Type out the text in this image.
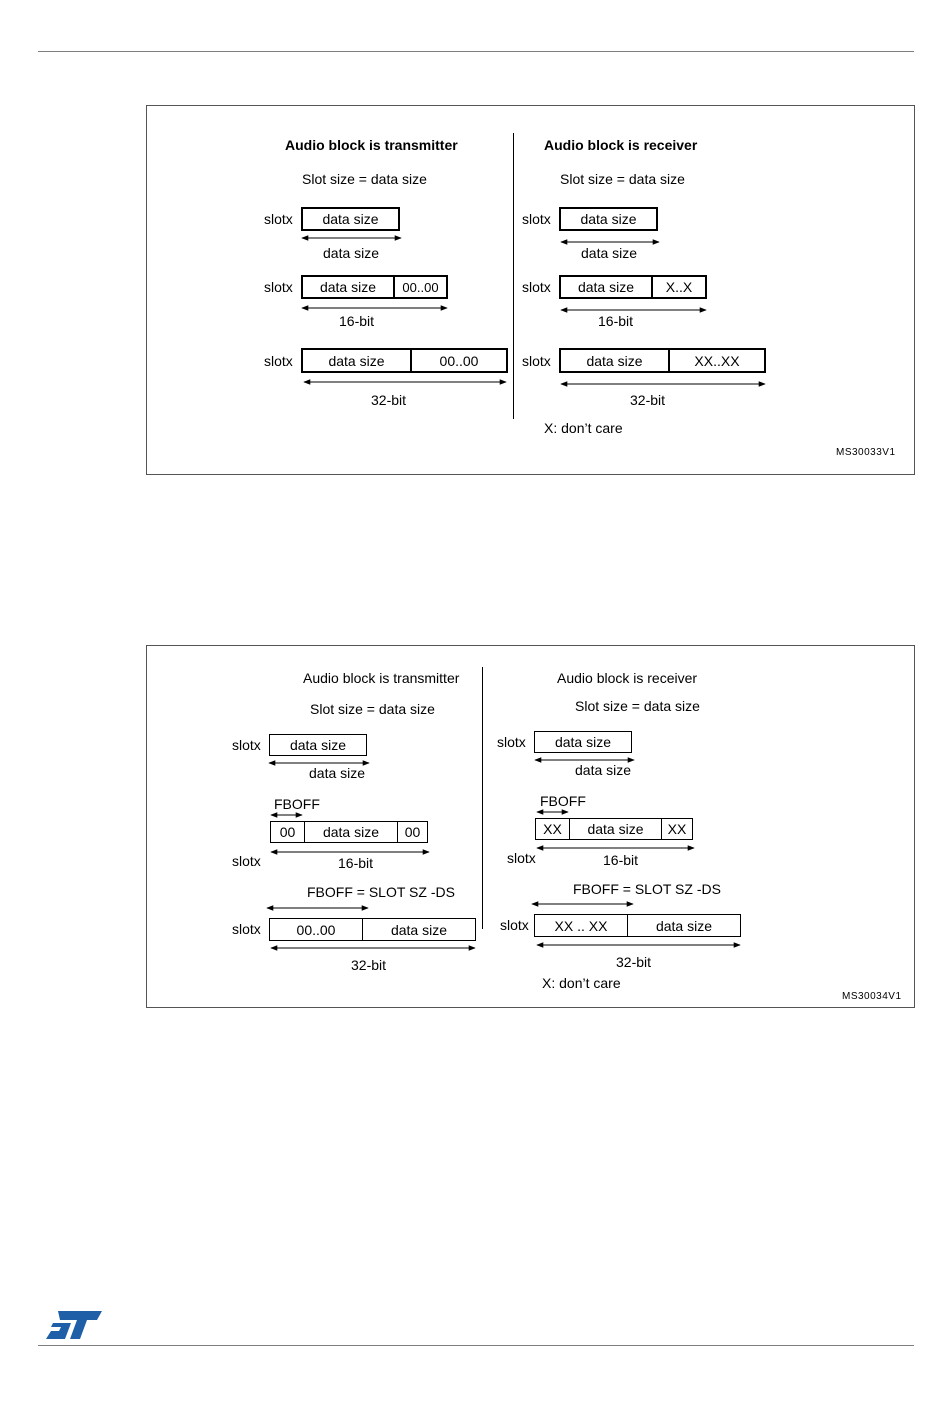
Audio block is transmitter	Audio block is receiver
Slot size = data size	Slot size = data size
slotx	data size
data size
slotx	data size	00..00
16-bit
slotx	data size	00..00
32-bit
slotx	data size
data size
slotx	data size	X..X
16-bit
slotx	data size	XX..XX
32-bit
X: don’t care
MS30033V1
Audio block is transmitter	Audio block is receiver
Slot size = data size	Slot size = data size
slotx	data size
data size
FBOFF
00	data size	00
slotx	16-bit
FBOFF = SLOT SZ -DS
slotx	00..00	data size
32-bit
slotx	data size
data size
FBOFF
XX	data size	XX
slotx	16-bit
FBOFF = SLOT SZ -DS
slotx	XX .. XX	data size
32-bit
X: don’t care
MS30034V1
